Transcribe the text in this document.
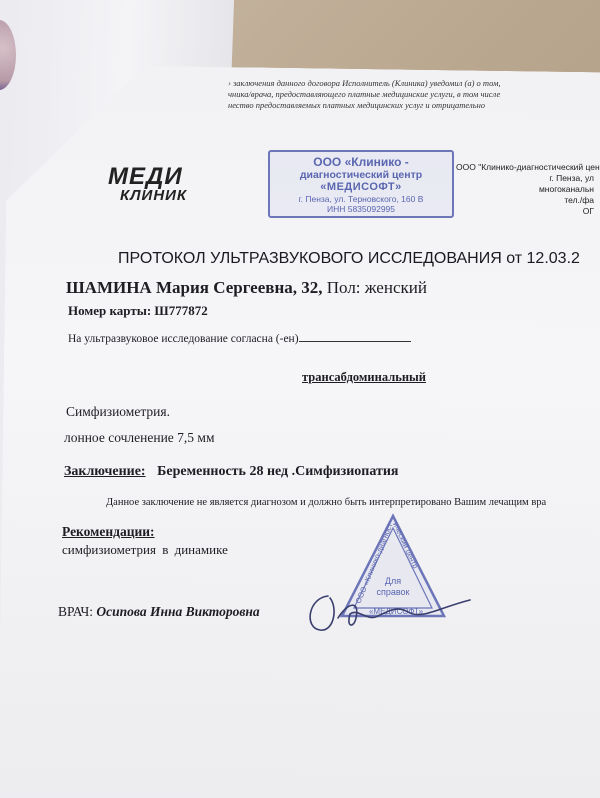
› заключения данного договора Исполнитель (Клиника) уведомил (а) о том,
чника/врача, предоставляющего платные медицинские услуги, в том числе
нество предоставляемых платных медицинских услуг и отрицательно
МЕДИ
КЛИНИК
ООО «Клинико -
диагностический центр
«МЕДИСОФТ»
г. Пенза, ул. Терновского, 160 В
ИНН 5835092995
ООО "Клинико-диагностический цен
г. Пенза, ул
многоканальн
тел./фа
ОГ
ПРОТОКОЛ УЛЬТРАЗВУКОВОГО ИССЛЕДОВАНИЯ от 12.03.2
ШАМИНА Мария Сергеевна, 32, Пол: женский
Номер карты: Ш777872
На ультразвуковое исследование согласна (-ен)
трансабдоминальный
Симфизиометрия.
лонное сочленение 7,5 мм
Заключение: Беременность 28 нед .Симфизиопатия
Данное заключение не является диагнозом и должно быть интерпретировано Вашим лечащим вра
Рекомендации:
симфизиометрия в динамике
ВРАЧ: Осипова Инна Викторовна
ООО «Клинико-диагностический центр
Для
справок
«МЕДИСОФТ»
